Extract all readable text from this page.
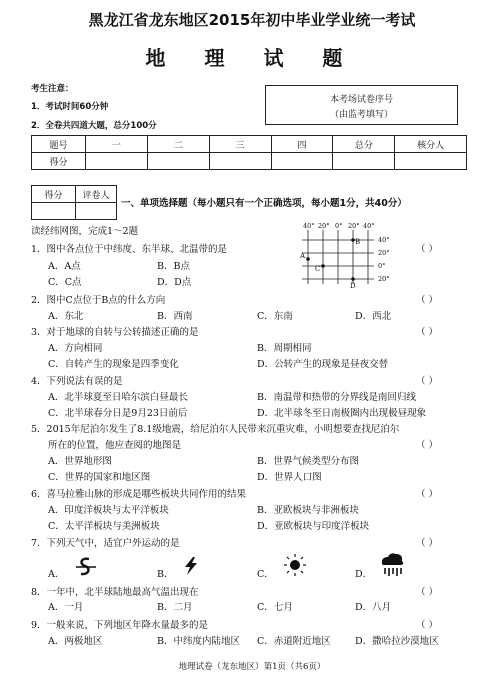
黑龙江省龙东地区2015年初中毕业学业统一考试
地 理 试 题
考生注意：
1．考试时间60分钟
2．全卷共四道大题，总分100分
本考场试卷序号
（由监考填写）
题号	一	二	三	四	总分	核分人
得分						
得分	评卷人

一、单项选择题（每小题只有一个正确选项，每小题1分，共40分）
读经纬网图，完成1～2题	40° 20° 0° 20° 40°
40°
20°
0°
20°
A
B
C
D
1．图中各点位于中纬度、东半球、北温带的是	（ ）
A．A点	B．B点
C．C点	D．D点
2．图中C点位于B点的什么方向	（ ）
A．东北	B．西南	C．东南	D．西北
3．对于地球的自转与公转描述正确的是	（ ）
A．方向相同	B．周期相同
C．自转产生的现象是四季变化	D．公转产生的现象是昼夜交替
4．下列说法有误的是	（ ）
A．北半球夏至日哈尔滨白昼最长	B．南温带和热带的分界线是南回归线
C．北半球春分日是9月23日前后	D．北半球冬至日南极圈内出现极昼现象
5．2015年尼泊尔发生了8.1级地震，给尼泊尔人民带来沉重灾难，小明想要查找尼泊尔
所在的位置，他应查阅的地图是	（ ）
A．世界地形图	B．世界气候类型分布图
C．世界的国家和地区图	D．世界人口图
6．喜马拉雅山脉的形成是哪些板块共同作用的结果	（ ）
A．印度洋板块与太平洋板块	B．亚欧板块与非洲板块
C．太平洋板块与美洲板块	D．亚欧板块与印度洋板块
7．下列天气中，适宜户外运动的是	（ ）
A．	B．	C．	D．
8．一年中，北半球陆地最高气温出现在	（ ）
A．一月	B．二月	C．七月	D．八月
9．一般来说，下列地区年降水量最多的是	（ ）
A．两极地区	B．中纬度内陆地区 C．赤道附近地区	D．撒哈拉沙漠地区
地理试卷（龙东地区）第1页（共6页）
